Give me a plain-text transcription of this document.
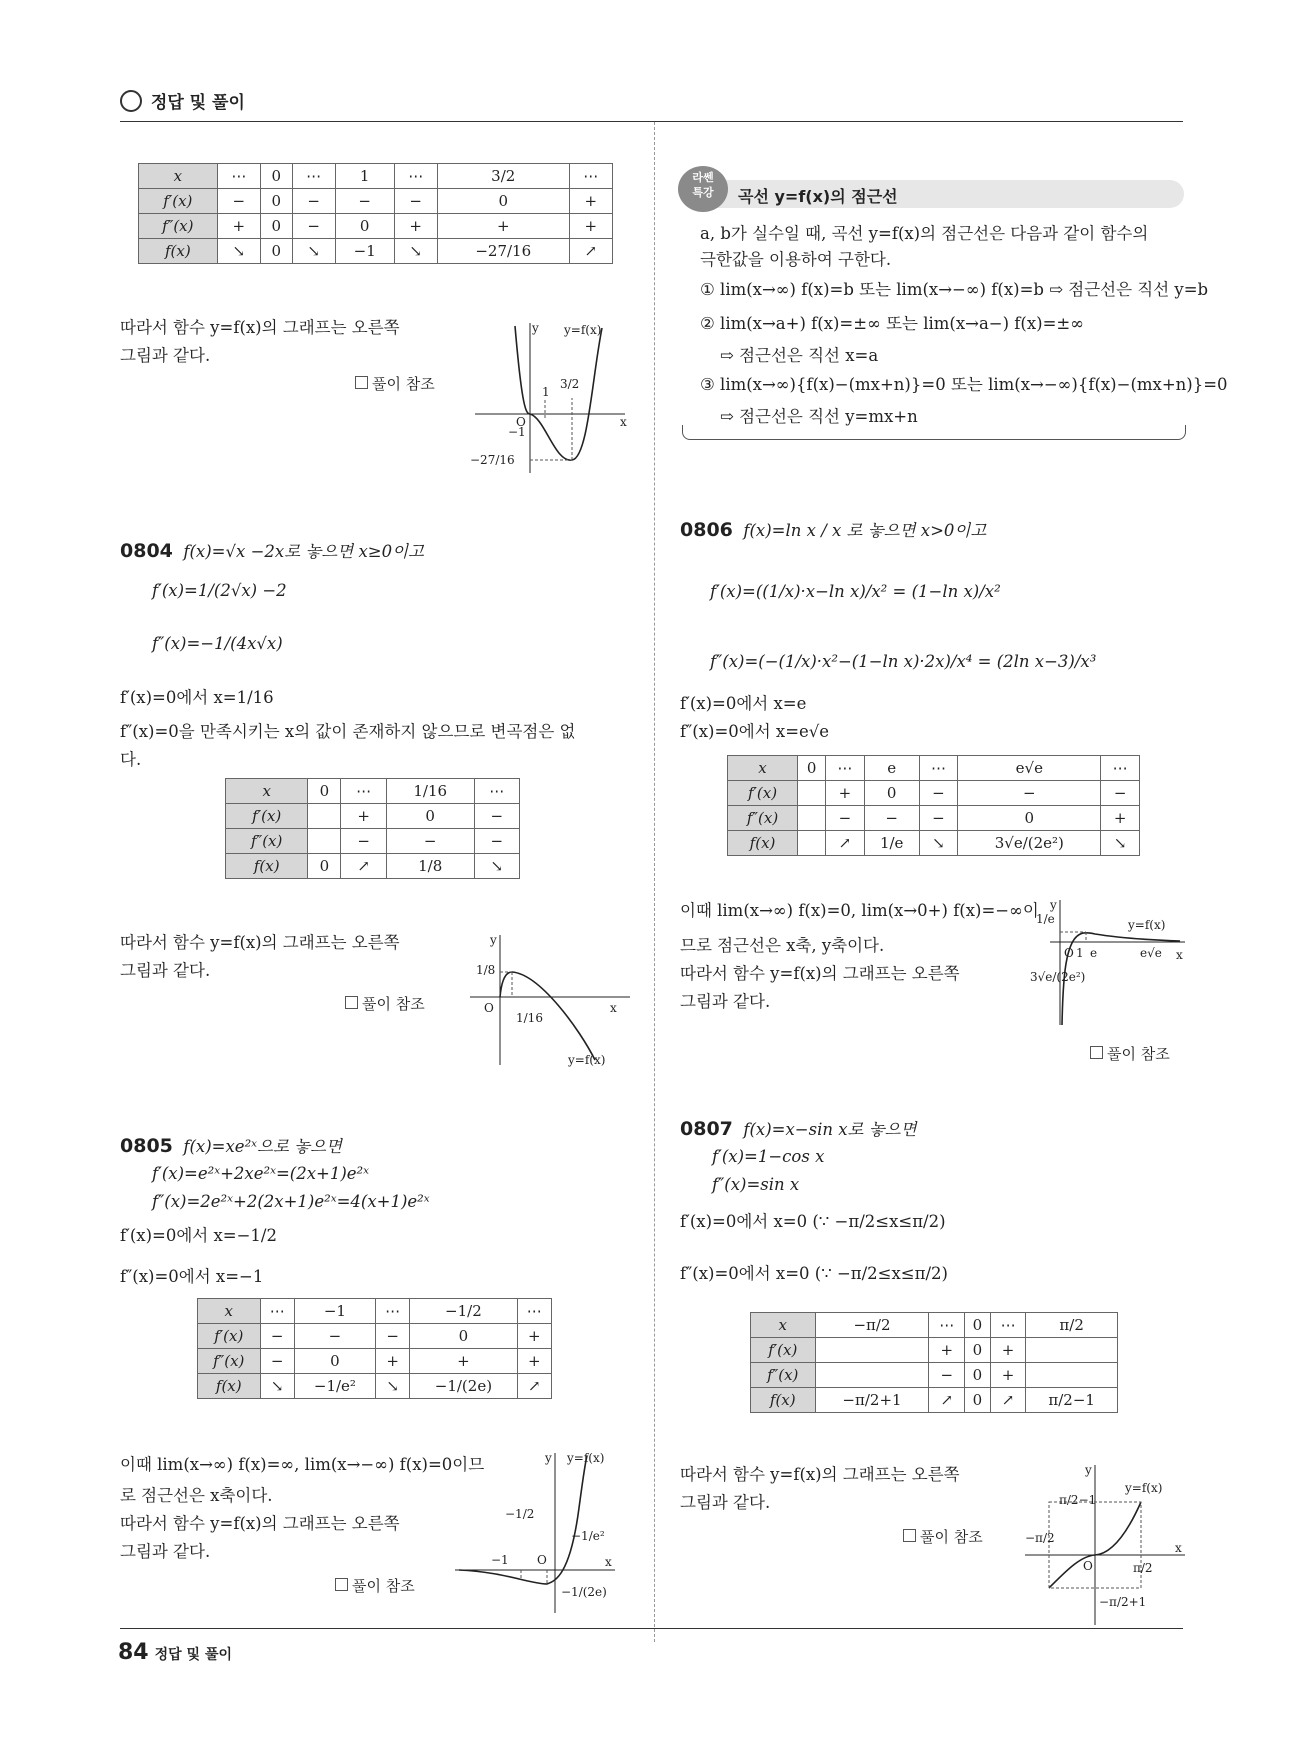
정답 및 풀이
x	⋯	0	⋯	1	⋯	3/2	⋯
f′(x)	−	0	−	−	−	0	+
f″(x)	+	0	−	0	+	+	+
f(x)	↘	0	↘	−1	↘	−27/16	↗
따라서 함수 y=f(x)의 그래프는 오른쪽
그림과 같다.
풀이 참조
y
x
y=f(x)
O
−1
1
3/2
−27/16
0804 f(x)=√x −2x로 놓으면 x≥0이고
f′(x)=1/(2√x) −2
f″(x)=−1/(4x√x)
f′(x)=0에서 x=1/16
f″(x)=0을 만족시키는 x의 값이 존재하지 않으므로 변곡점은 없
다.
x	0	⋯	1/16	⋯
f′(x)		+	0	−
f″(x)		−	−	−
f(x)	0	↗	1/8	↘
따라서 함수 y=f(x)의 그래프는 오른쪽
그림과 같다.
풀이 참조
y
x
y=f(x)
O
1/8
1/16
0805 f(x)=xe²ˣ으로 놓으면
f′(x)=e²ˣ+2xe²ˣ=(2x+1)e²ˣ
f″(x)=2e²ˣ+2(2x+1)e²ˣ=4(x+1)e²ˣ
f′(x)=0에서 x=−1/2
f″(x)=0에서 x=−1
x	⋯	−1	⋯	−1/2	⋯
f′(x)	−	−	−	0	+
f″(x)	−	0	+	+	+
f(x)	↘	−1/e²	↘	−1/(2e)	↗
이때 lim(x→∞) f(x)=∞, lim(x→−∞) f(x)=0이므
로 점근선은 x축이다.
따라서 함수 y=f(x)의 그래프는 오른쪽
그림과 같다.
풀이 참조
y
x
y=f(x)
O
−1
−1/2
−1/e²
−1/(2e)
라쎈
특강	곡선 y=f(x)의 점근선
a, b가 실수일 때, 곡선 y=f(x)의 점근선은 다음과 같이 함수의
극한값을 이용하여 구한다.
① lim(x→∞) f(x)=b 또는 lim(x→−∞) f(x)=b ⇨ 점근선은 직선 y=b
② lim(x→a+) f(x)=±∞ 또는 lim(x→a−) f(x)=±∞
⇨ 점근선은 직선 x=a
③ lim(x→∞){f(x)−(mx+n)}=0 또는 lim(x→−∞){f(x)−(mx+n)}=0
⇨ 점근선은 직선 y=mx+n
0806 f(x)=ln x / x 로 놓으면 x>0이고
f′(x)=((1/x)·x−ln x)/x² = (1−ln x)/x²
f″(x)=(−(1/x)·x²−(1−ln x)·2x)/x⁴ = (2ln x−3)/x³
f′(x)=0에서 x=e
f″(x)=0에서 x=e√e
x	0	⋯	e	⋯	e√e	⋯
f′(x)		+	0	−	−	−
f″(x)		−	−	−	0	+
f(x)		↗	1/e	↘	3√e/(2e²)	↘
이때 lim(x→∞) f(x)=0, lim(x→0+) f(x)=−∞이
므로 점근선은 x축, y축이다.
따라서 함수 y=f(x)의 그래프는 오른쪽
그림과 같다.
풀이 참조
y
x
y=f(x)
O 1 e	e√e
1/e
3√e/(2e²)
0807 f(x)=x−sin x로 놓으면
f′(x)=1−cos x
f″(x)=sin x
f′(x)=0에서 x=0 (∵ −π/2≤x≤π/2)
f″(x)=0에서 x=0 (∵ −π/2≤x≤π/2)
x	−π/2	⋯	0	⋯	π/2
f′(x)		+	0	+	
f″(x)		−	0	+	
f(x)	−π/2+1	↗	0	↗	π/2−1
따라서 함수 y=f(x)의 그래프는 오른쪽
그림과 같다.
풀이 참조
y
x
y=f(x)
O
π/2−1
−π/2
π/2
−π/2+1
84 정답 및 풀이
